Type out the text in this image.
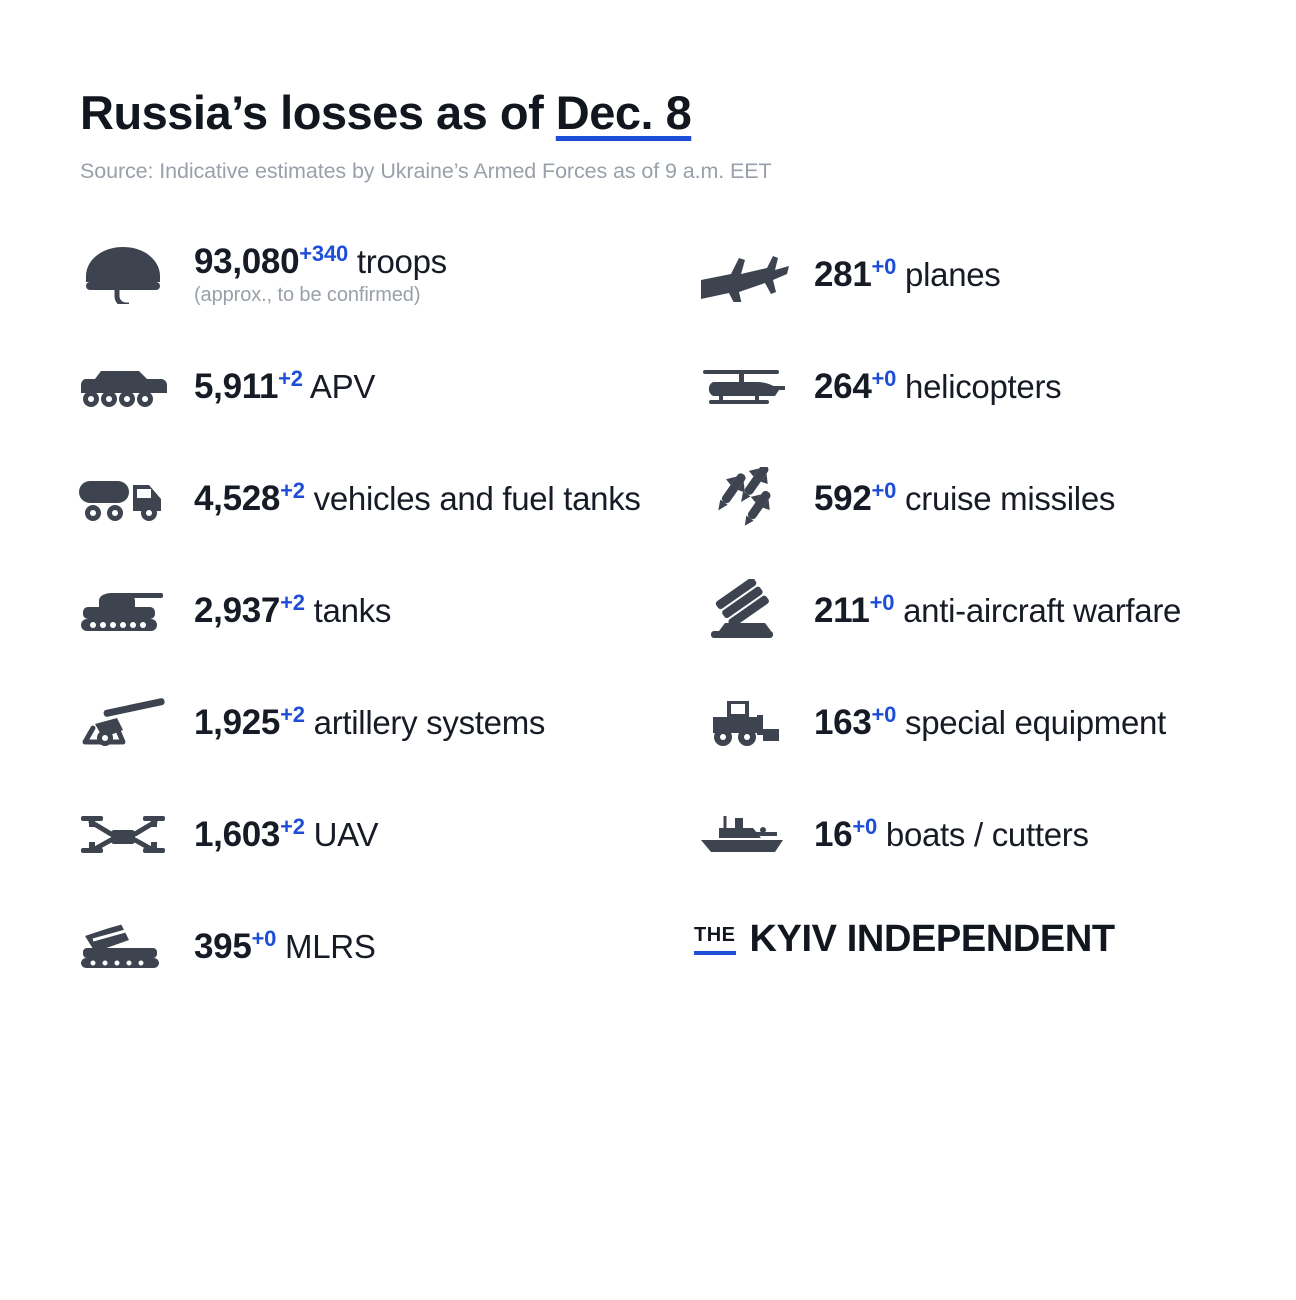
Russia’s losses as of Dec. 8

Source: Indicative estimates by Ukraine’s Armed Forces as of 9 a.m. EET

$93,080^{+340}$ troops
(approx., to be confirmed)
$5,911^{+2}$ APV
$4,528^{+2}$ vehicles and fuel tanks
$2,937^{+2}$ tanks
$1,925^{+2}$ artillery systems
$1,603^{+2}$ UAV
$395^{+0}$ MLRS
$281^{+0}$ planes
$264^{+0}$ helicopters
$592^{+0}$ cruise missiles
$211^{+0}$ anti-aircraft warfare
$163^{+0}$ special equipment
$16^{+0}$ boats / cutters
THE KYIV INDEPENDENT
